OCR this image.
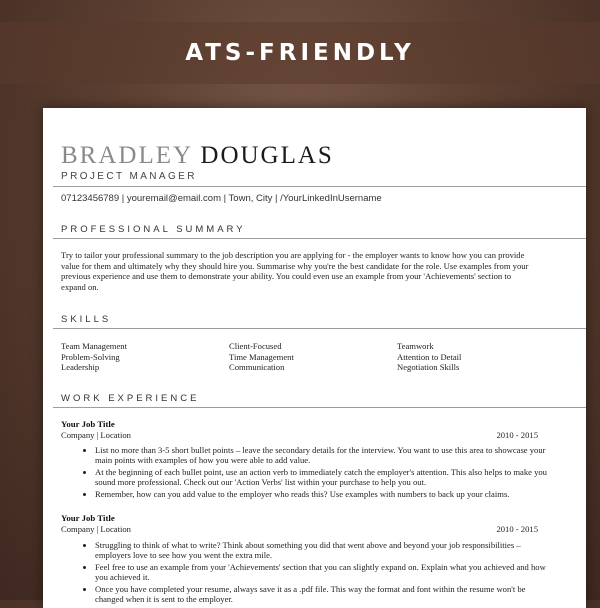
ATS-FRIENDLY
BRADLEY DOUGLAS
PROJECT MANAGER
07123456789 | youremail@email.com | Town, City | /YourLinkedInUsername
PROFESSIONAL SUMMARY
Try to tailor your professional summary to the job description you are applying for - the employer wants to know how you can provide value for them and ultimately why they should hire you. Summarise why you're the best candidate for the role. Use examples from your previous experience and use them to demonstrate your ability. You could even use an example from your 'Achievements' section to expand on.
SKILLS
Team Management	Client-Focused	Teamwork
Problem-Solving	Time Management	Attention to Detail
Leadership	Communication	Negotiation Skills
WORK EXPERIENCE
Your Job Title
Company | Location	2010 - 2015
• List no more than 3-5 short bullet points – leave the secondary details for the interview. You want to use this area to showcase your main points with examples of how you were able to add value.
• At the beginning of each bullet point, use an action verb to immediately catch the employer's attention. This also helps to make you sound more professional. Check out our 'Action Verbs' list within your purchase to help you out.
• Remember, how can you add value to the employer who reads this? Use examples with numbers to back up your claims.
Your Job Title
Company | Location	2010 - 2015
• Struggling to think of what to write? Think about something you did that went above and beyond your job responsibilities – employers love to see how you went the extra mile.
• Feel free to use an example from your 'Achievements' section that you can slightly expand on. Explain what you achieved and how you achieved it.
• Once you have completed your resume, always save it as a .pdf file. This way the format and font within the resume won't be changed when it is sent to the employer.
